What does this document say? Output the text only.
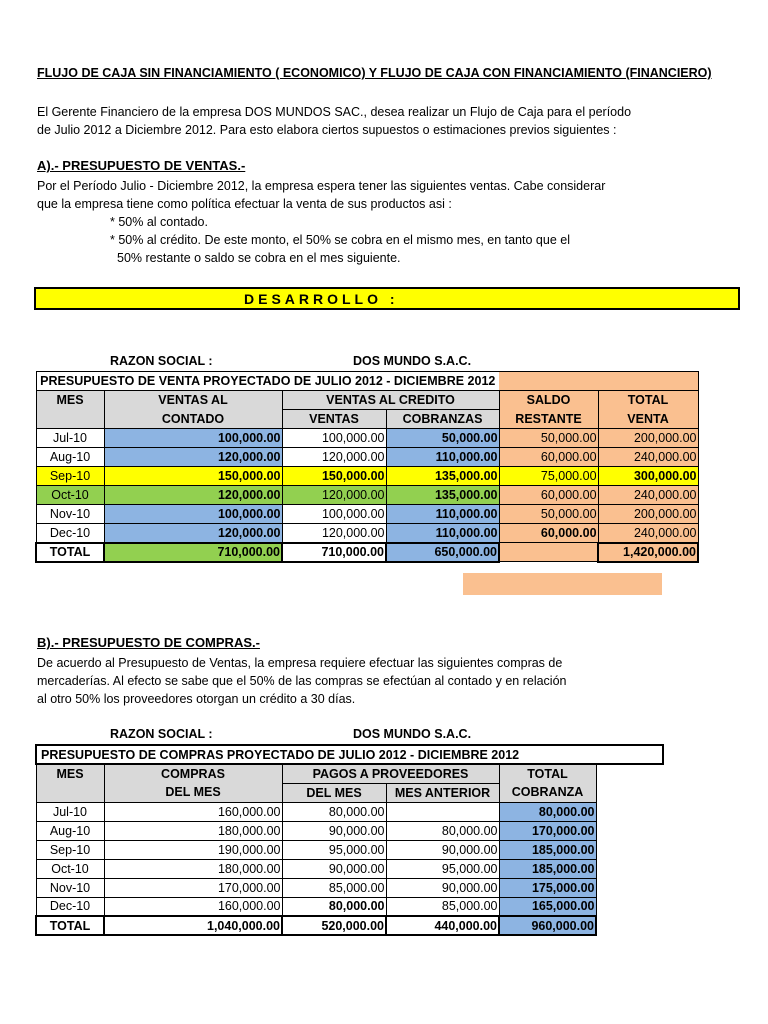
FLUJO DE CAJA SIN FINANCIAMIENTO ( ECONOMICO) Y FLUJO DE CAJA CON FINANCIAMIENTO (FINANCIERO)
El Gerente Financiero de la empresa DOS MUNDOS SAC., desea realizar un Flujo de Caja para el período
de Julio 2012 a Diciembre 2012. Para esto elabora ciertos supuestos o estimaciones previos siguientes :
A).- PRESUPUESTO DE VENTAS.-
Por el Período Julio - Diciembre 2012, la empresa espera tener las siguientes ventas. Cabe considerar
que la empresa tiene como política efectuar la venta de sus productos asi :
* 50% al contado.
* 50% al crédito. De este monto, el 50% se cobra en el mismo mes, en tanto que el
50% restante o saldo se cobra en el mes siguiente.
DESARROLLO :
RAZON SOCIAL :	DOS MUNDO S.A.C.
PRESUPUESTO DE VENTA PROYECTADO DE JULIO 2012 - DICIEMBRE 2012					
MES	VENTAS AL	VENTAS AL CREDITO		SALDO	TOTAL
	CONTADO	VENTAS	COBRANZAS	RESTANTE	VENTA
Jul-10	100,000.00	100,000.00	50,000.00	50,000.00	200,000.00
Aug-10	120,000.00	120,000.00	110,000.00	60,000.00	240,000.00
Sep-10	150,000.00	150,000.00	135,000.00	75,000.00	300,000.00
Oct-10	120,000.00	120,000.00	135,000.00	60,000.00	240,000.00
Nov-10	100,000.00	100,000.00	110,000.00	50,000.00	200,000.00
Dec-10	120,000.00	120,000.00	110,000.00	60,000.00	240,000.00
TOTAL	710,000.00	710,000.00	650,000.00		1,420,000.00
B).- PRESUPUESTO DE COMPRAS.-
De acuerdo al Presupuesto de Ventas, la empresa requiere efectuar las siguientes compras de
mercaderías. Al efecto se sabe que el 50% de las compras se efectúan al contado y en relación
al otro 50% los proveedores otorgan un crédito a 30 días.
RAZON SOCIAL :	DOS MUNDO S.A.C.
PRESUPUESTO DE COMPRAS PROYECTADO DE JULIO 2012 - DICIEMBRE 2012					
MES	COMPRAS	PAGOS A PROVEEDORES		TOTAL	
	DEL MES	DEL MES	MES ANTERIOR	COBRANZA	
Jul-10	160,000.00	80,000.00		80,000.00	
Aug-10	180,000.00	90,000.00	80,000.00	170,000.00	
Sep-10	190,000.00	95,000.00	90,000.00	185,000.00	
Oct-10	180,000.00	90,000.00	95,000.00	185,000.00	
Nov-10	170,000.00	85,000.00	90,000.00	175,000.00	
Dec-10	160,000.00	80,000.00	85,000.00	165,000.00	
TOTAL	1,040,000.00	520,000.00	440,000.00	960,000.00	
